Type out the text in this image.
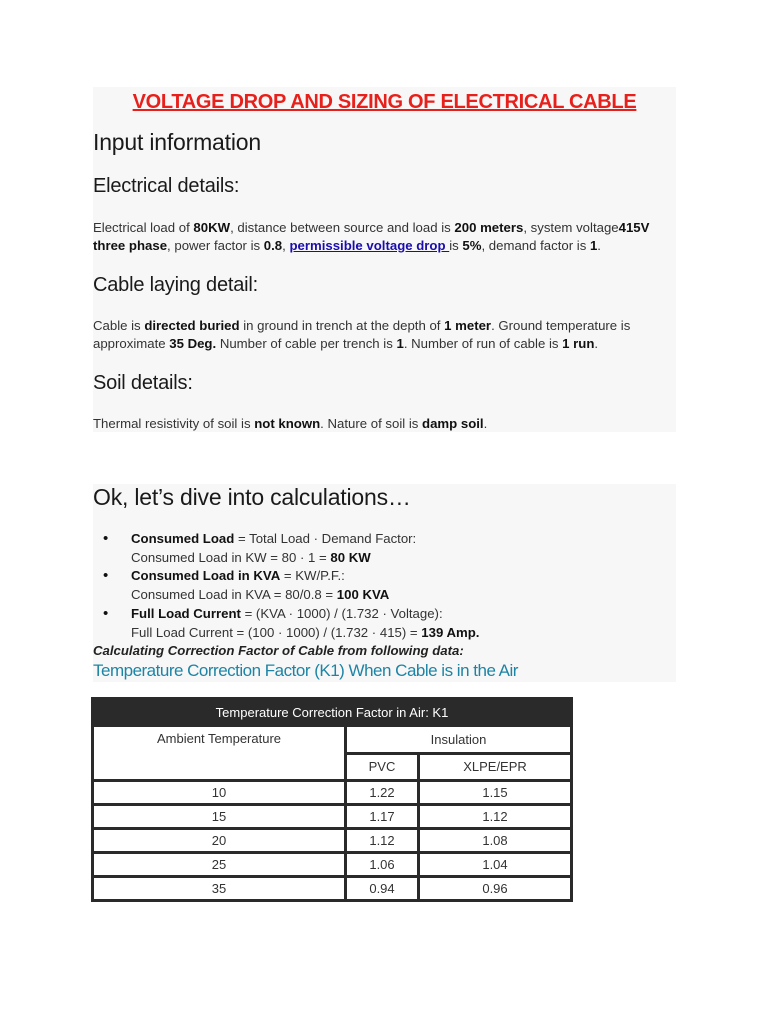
VOLTAGE DROP AND SIZING OF ELECTRICAL CABLE
Input information
Electrical details:
Electrical load of 80KW, distance between source and load is 200 meters, system voltage415V
three phase, power factor is 0.8, permissible voltage drop is 5%, demand factor is 1.
Cable laying detail:
Cable is directed buried in ground in trench at the depth of 1 meter. Ground temperature is
approximate 35 Deg. Number of cable per trench is 1. Number of run of cable is 1 run.
Soil details:
Thermal resistivity of soil is not known. Nature of soil is damp soil.
Ok, let’s dive into calculations…
• Consumed Load = Total Load · Demand Factor:
Consumed Load in KW = 80 · 1 = 80 KW
• Consumed Load in KVA = KW/P.F.:
Consumed Load in KVA = 80/0.8 = 100 KVA
• Full Load Current = (KVA · 1000) / (1.732 · Voltage):
Full Load Current = (100 · 1000) / (1.732 · 415) = 139 Amp.
Calculating Correction Factor of Cable from following data:
Temperature Correction Factor (K1) When Cable is in the Air
Temperature Correction Factor in Air: K1		
Ambient Temperature	Insulation	
	PVC	XLPE/EPR
10	1.22	1.15
15	1.17	1.12
20	1.12	1.08
25	1.06	1.04
35	0.94	0.96
